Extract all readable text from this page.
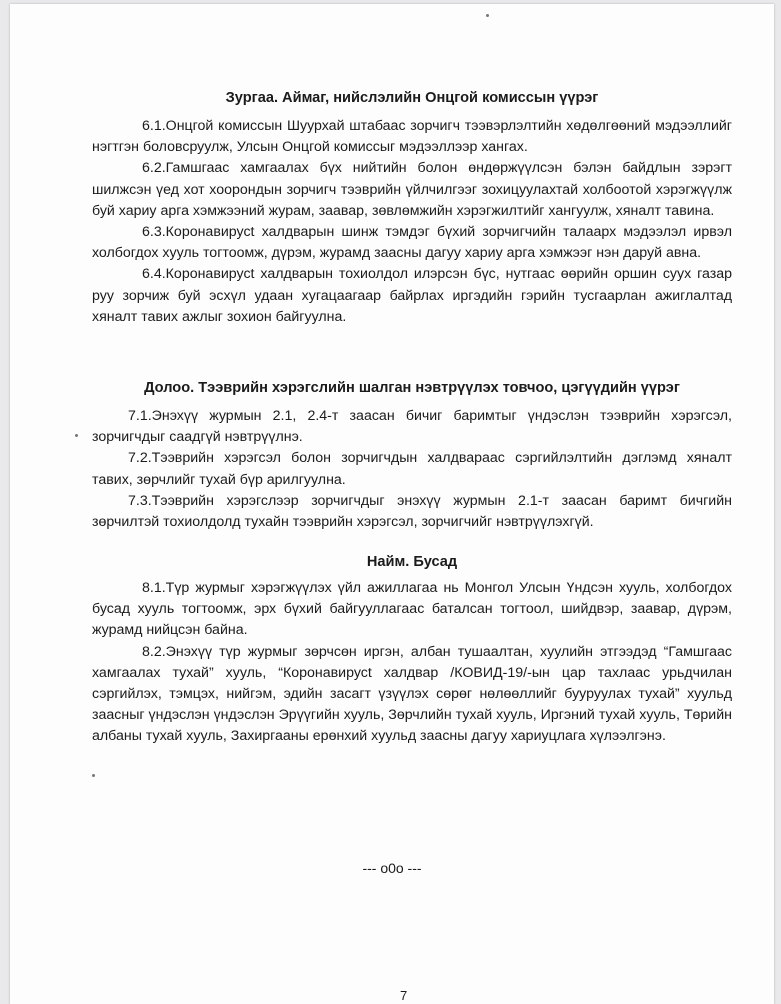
Зургаа. Аймаг, нийслэлийн Онцгой комиссын үүрэг

6.1.Онцгой комиссын Шуурхай штабаас зорчигч тээвэрлэлтийн хөдөлгөөний мэдээллийг нэгтгэн боловсруулж, Улсын Онцгой комиссыг мэдээллээр хангах.

6.2.Гамшгаас хамгаалах бүх нийтийн болон өндөржүүлсэн бэлэн байдлын зэрэгт шилжсэн үед хот хоорондын зорчигч тээврийн үйлчилгээг зохицуулахтай холбоотой хэрэгжүүлж буй хариу арга хэмжээний журам, заавар, зөвлөмжийн хэрэгжилтийг хангуулж, хяналт тавина.

6.3.Коронавирусt халдварын шинж тэмдэг бүхий зорчигчийн талаарх мэдээлэл ирвэл холбогдох хууль тогтоомж, дүрэм, журамд заасны дагуу хариу арга хэмжээг нэн даруй авна.

6.4.Коронавирусt халдварын тохиолдол илэрсэн бүс, нутгаас өөрийн оршин суух газар руу зорчиж буй эсхүл удаан хугацаагаар байрлах иргэдийн гэрийн тусгаарлан ажиглалтад хяналт тавих ажлыг зохион байгуулна.

Долоо. Тээврийн хэрэгслийн шалган нэвтрүүлэх товчоо, цэгүүдийн үүрэг

7.1.Энэхүү журмын 2.1, 2.4-т заасан бичиг баримтыг үндэслэн тээврийн хэрэгсэл, зорчигчдыг саадгүй нэвтрүүлнэ.

7.2.Тээврийн хэрэгсэл болон зорчигчдын халдвараас сэргийлэлтийн дэглэмд хяналт тавих, зөрчлийг тухай бүр арилгуулна.

7.3.Тээврийн хэрэгслээр зорчигчдыг энэхүү журмын 2.1-т заасан баримт бичгийн зөрчилтэй тохиолдолд тухайн тээврийн хэрэгсэл, зорчигчийг нэвтрүүлэхгүй.

Найм. Бусад

8.1.Түр журмыг хэрэгжүүлэх үйл ажиллагаа нь Монгол Улсын Үндсэн хууль, холбогдох бусад хууль тогтоомж, эрх бүхий байгууллагаас баталсан тогтоол, шийдвэр, заавар, дүрэм, журамд нийцсэн байна.

8.2.Энэхүү түр журмыг зөрчсөн иргэн, албан тушаалтан, хуулийн этгээдэд “Гамшгаас хамгаалах тухай” хууль, “Коронавирусt халдвар /КОВИД-19/-ын цар тахлаас урьдчилан сэргийлэх, тэмцэх, нийгэм, эдийн засагт үзүүлэх сөрөг нөлөөллийг бууруулах тухай” хуульд заасныг үндэслэн үндэслэн Эрүүгийн хууль, Зөрчлийн тухай хууль, Иргэний тухай хууль, Төрийн албаны тухай хууль, Захиргааны ерөнхий хуульд заасны дагуу хариуцлага хүлээлгэнэ.

--- o0o ---
7
